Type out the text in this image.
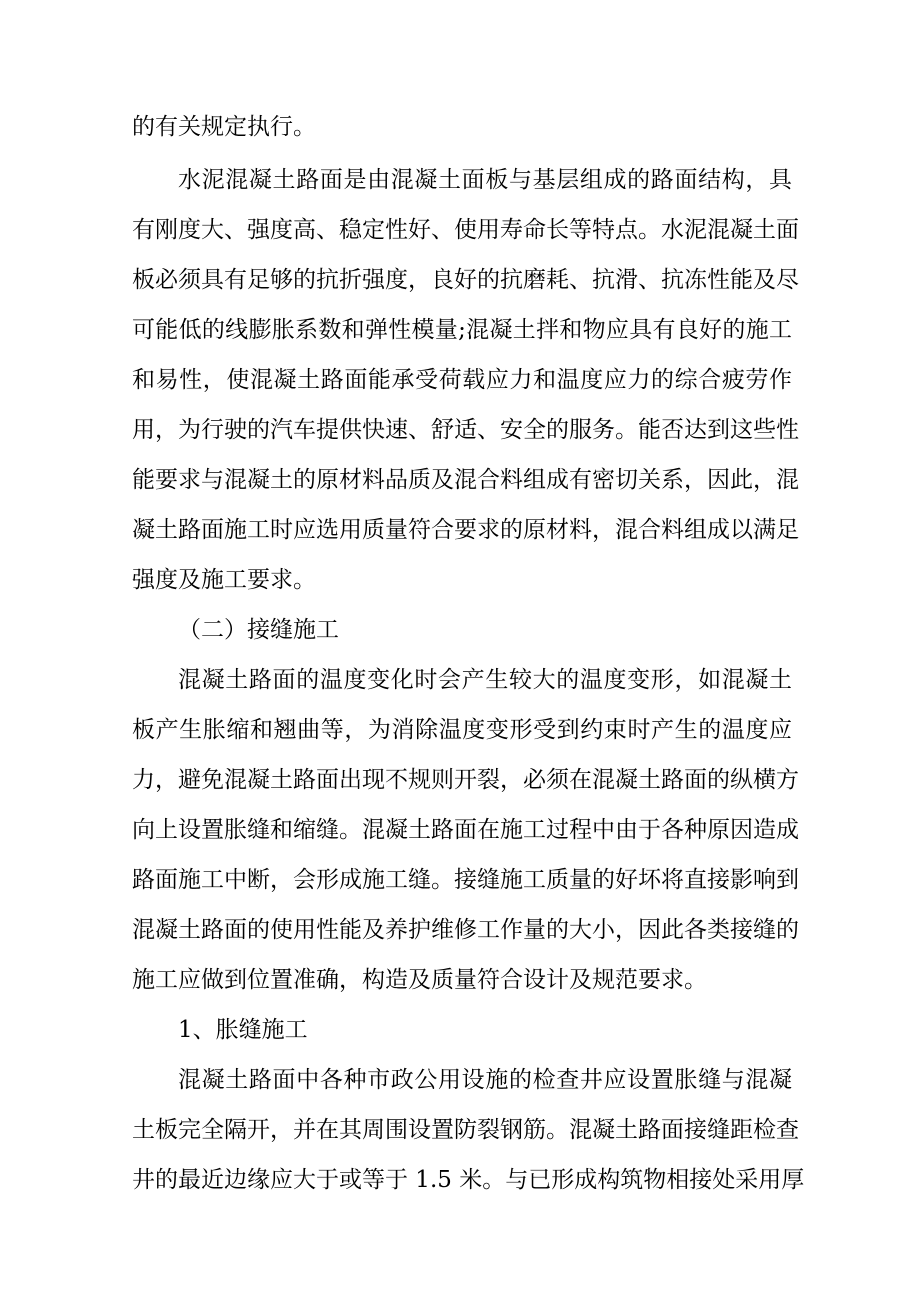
的有关规定执行。
水泥混凝土路面是由混凝土面板与基层组成的路面结构，具
有刚度大、强度高、稳定性好、使用寿命长等特点。水泥混凝土面
板必须具有足够的抗折强度，良好的抗磨耗、抗滑、抗冻性能及尽
可能低的线膨胀系数和弹性模量;混凝土拌和物应具有良好的施工
和易性，使混凝土路面能承受荷载应力和温度应力的综合疲劳作
用，为行驶的汽车提供快速、舒适、安全的服务。能否达到这些性
能要求与混凝土的原材料品质及混合料组成有密切关系，因此，混
凝土路面施工时应选用质量符合要求的原材料，混合料组成以满足
强度及施工要求。
（二）接缝施工
混凝土路面的温度变化时会产生较大的温度变形，如混凝土
板产生胀缩和翘曲等，为消除温度变形受到约束时产生的温度应
力，避免混凝土路面出现不规则开裂，必须在混凝土路面的纵横方
向上设置胀缝和缩缝。混凝土路面在施工过程中由于各种原因造成
路面施工中断，会形成施工缝。接缝施工质量的好坏将直接影响到
混凝土路面的使用性能及养护维修工作量的大小，因此各类接缝的
施工应做到位置准确，构造及质量符合设计及规范要求。
1、胀缝施工
混凝土路面中各种市政公用设施的检查井应设置胀缝与混凝
土板完全隔开，并在其周围设置防裂钢筋。混凝土路面接缝距检查
井的最近边缘应大于或等于 1.5 米。与已形成构筑物相接处采用厚
